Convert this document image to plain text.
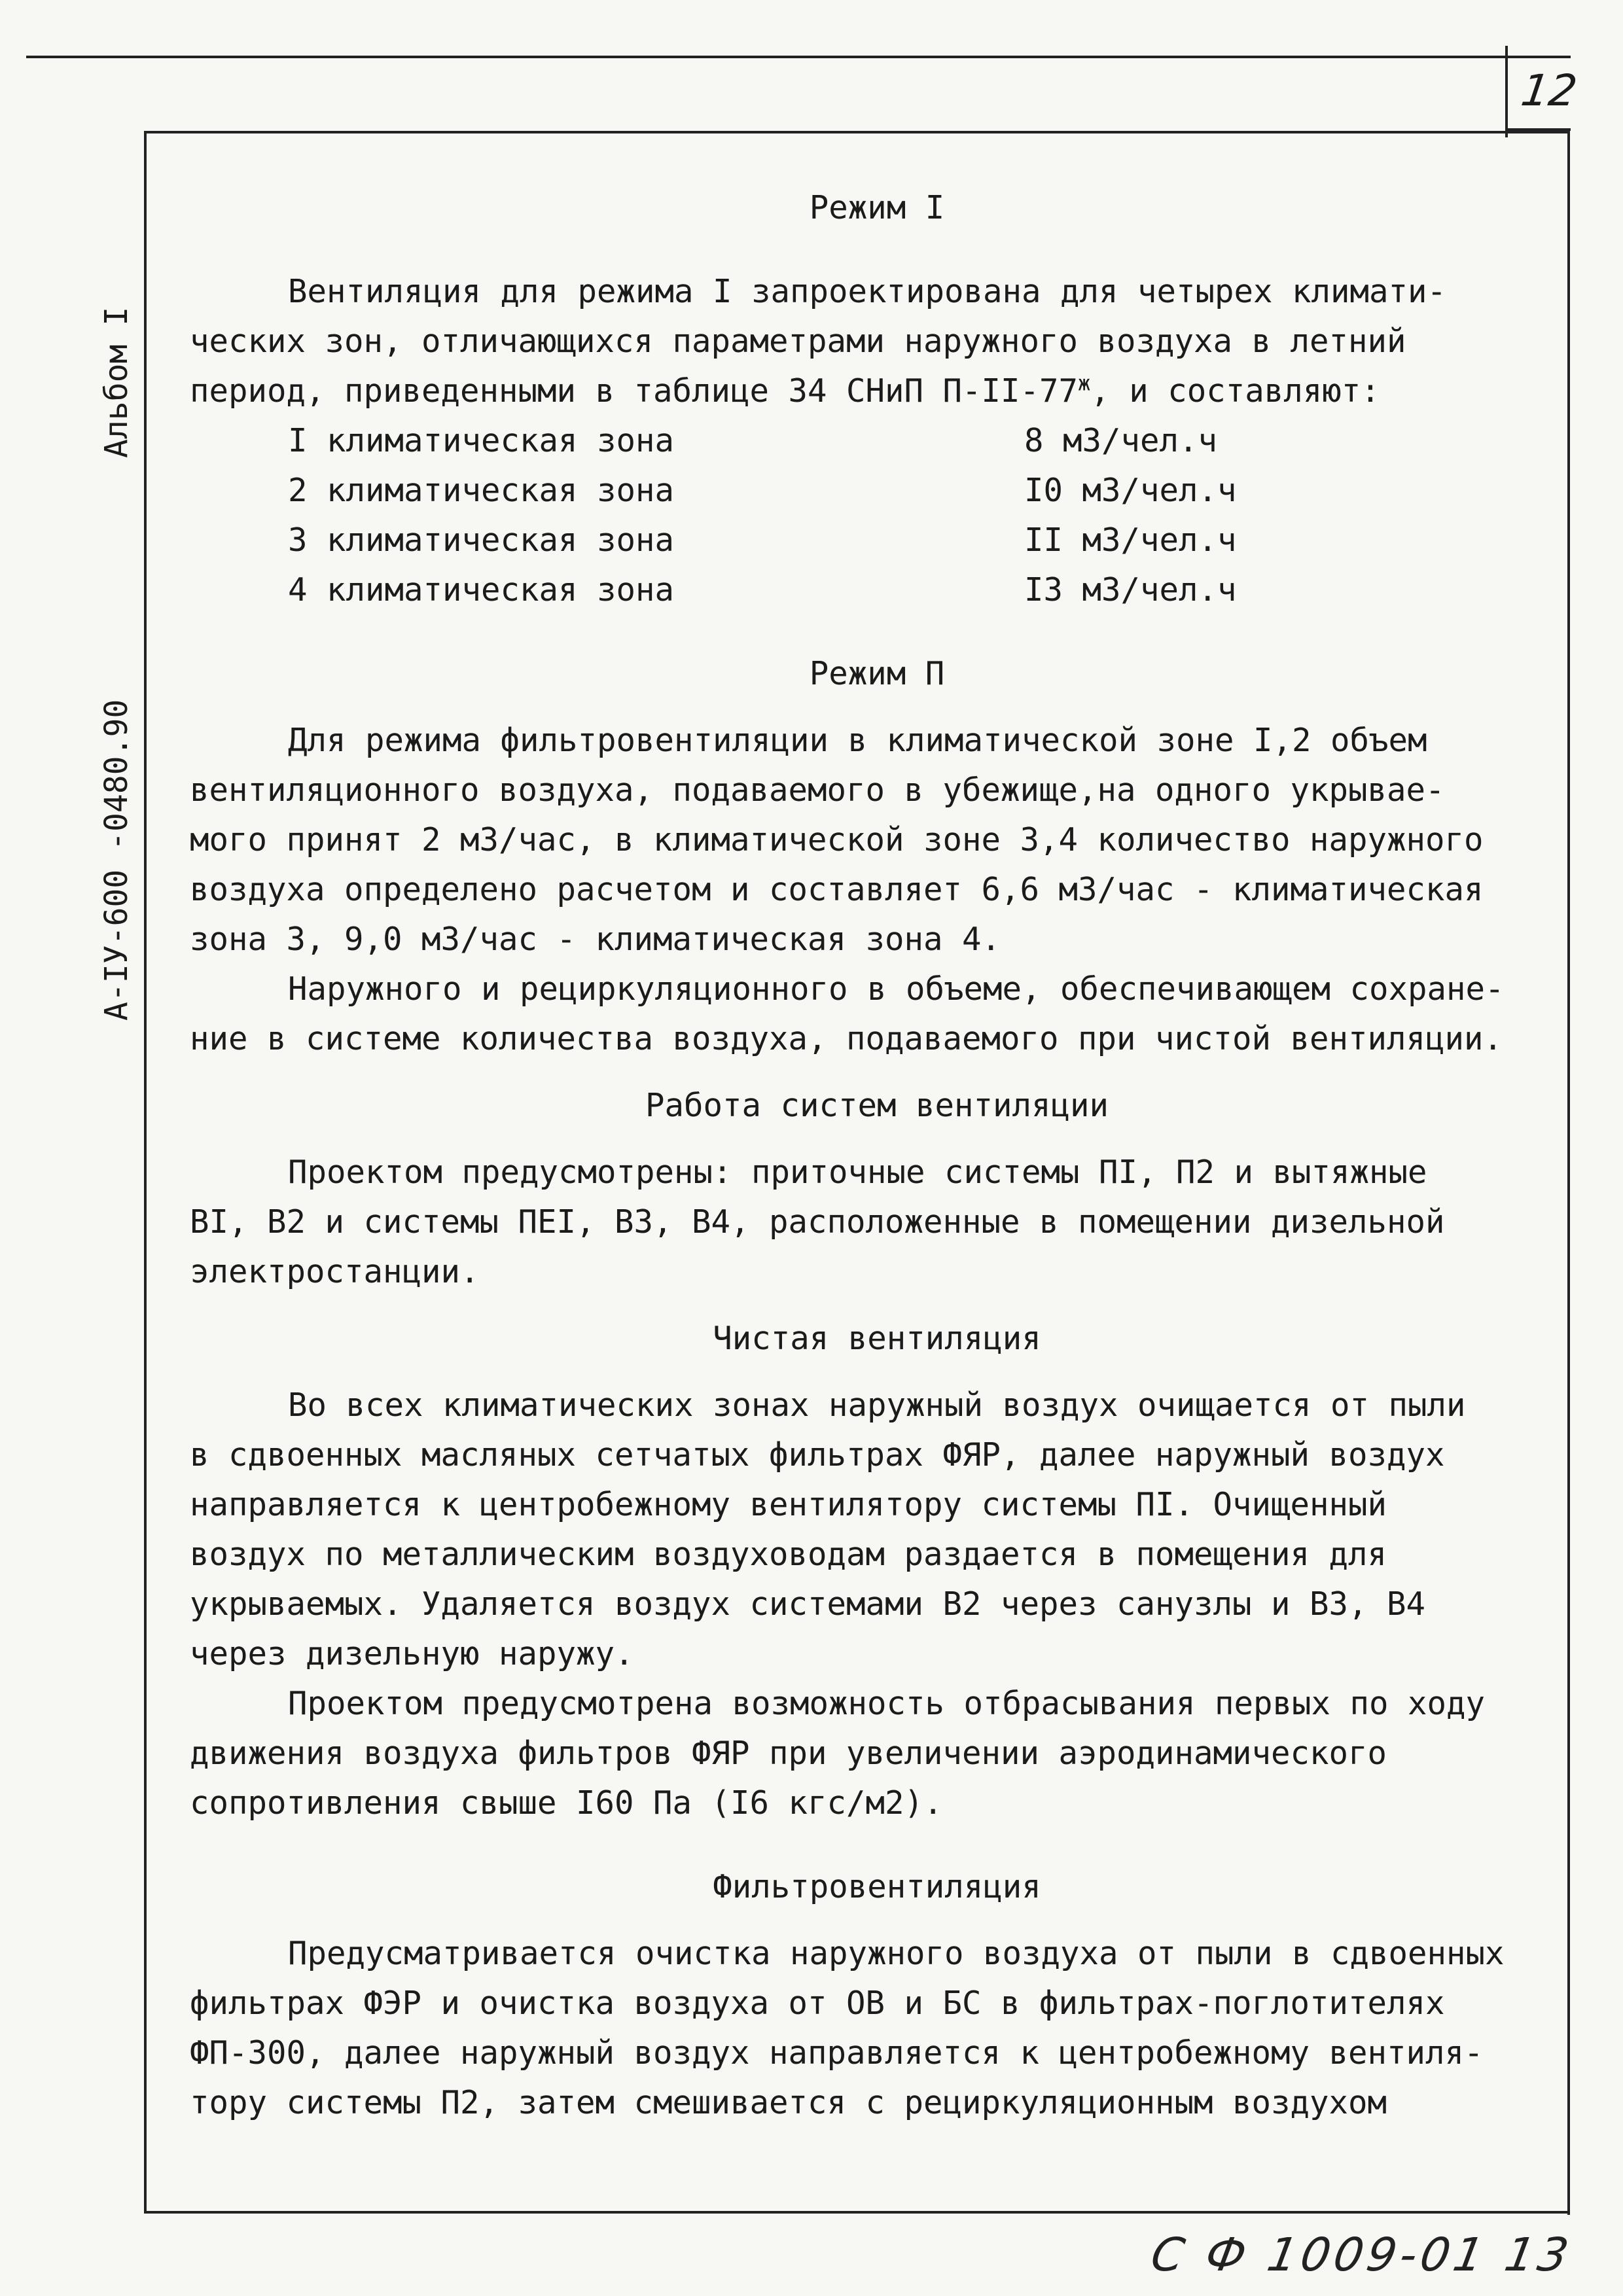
12
Альбом I
А-IУ-600 -0480.90
Режим I
Вентиляция для режима I запроектирована для четырех климати-
ческих зон, отличающихся параметрами наружного воздуха в летний
период, приведенными в таблице 34 СНиП $П-II-77^ж$, и составляют:
I климатическая зона	8 м3/чел.ч
2 климатическая зона	I0 м3/чел.ч
3 климатическая зона	II м3/чел.ч
4 климатическая зона	I3 м3/чел.ч
Режим П
Для режима фильтровентиляции в климатической зоне I,2 объем
вентиляционного воздуха, подаваемого в убежище,на одного укрывае-
мого принят 2 м3/час, в климатической зоне 3,4 количество наружного
воздуха определено расчетом и составляет 6,6 м3/час - климатическая
зона 3, 9,0 м3/час - климатическая зона 4.
Наружного и рециркуляционного в объеме, обеспечивающем сохране-
ние в системе количества воздуха, подаваемого при чистой вентиляции.
Работа систем вентиляции
Проектом предусмотрены: приточные системы ПI, П2 и вытяжные
BI, B2 и системы ПЕI, B3, B4, расположенные в помещении дизельной
электростанции.
Чистая вентиляция
Во всех климатических зонах наружный воздух очищается от пыли
в сдвоенных масляных сетчатых фильтрах ФЯР, далее наружный воздух
направляется к центробежному вентилятору системы ПI. Очищенный
воздух по металлическим воздуховодам раздается в помещения для
укрываемых. Удаляется воздух системами B2 через санузлы и B3, B4
через дизельную наружу.
Проектом предусмотрена возможность отбрасывания первых по ходу
движения воздуха фильтров ФЯР при увеличении аэродинамического
сопротивления свыше I60 Па (I6 кгс/м2).
Фильтровентиляция
Предусматривается очистка наружного воздуха от пыли в сдвоенных
фильтрах ФЭР и очистка воздуха от ОВ и БС в фильтрах-поглотителях
ФП-300, далее наружный воздух направляется к центробежному вентиля-
тору системы П2, затем смешивается с рециркуляционным воздухом
С Ф 1009-01 13
